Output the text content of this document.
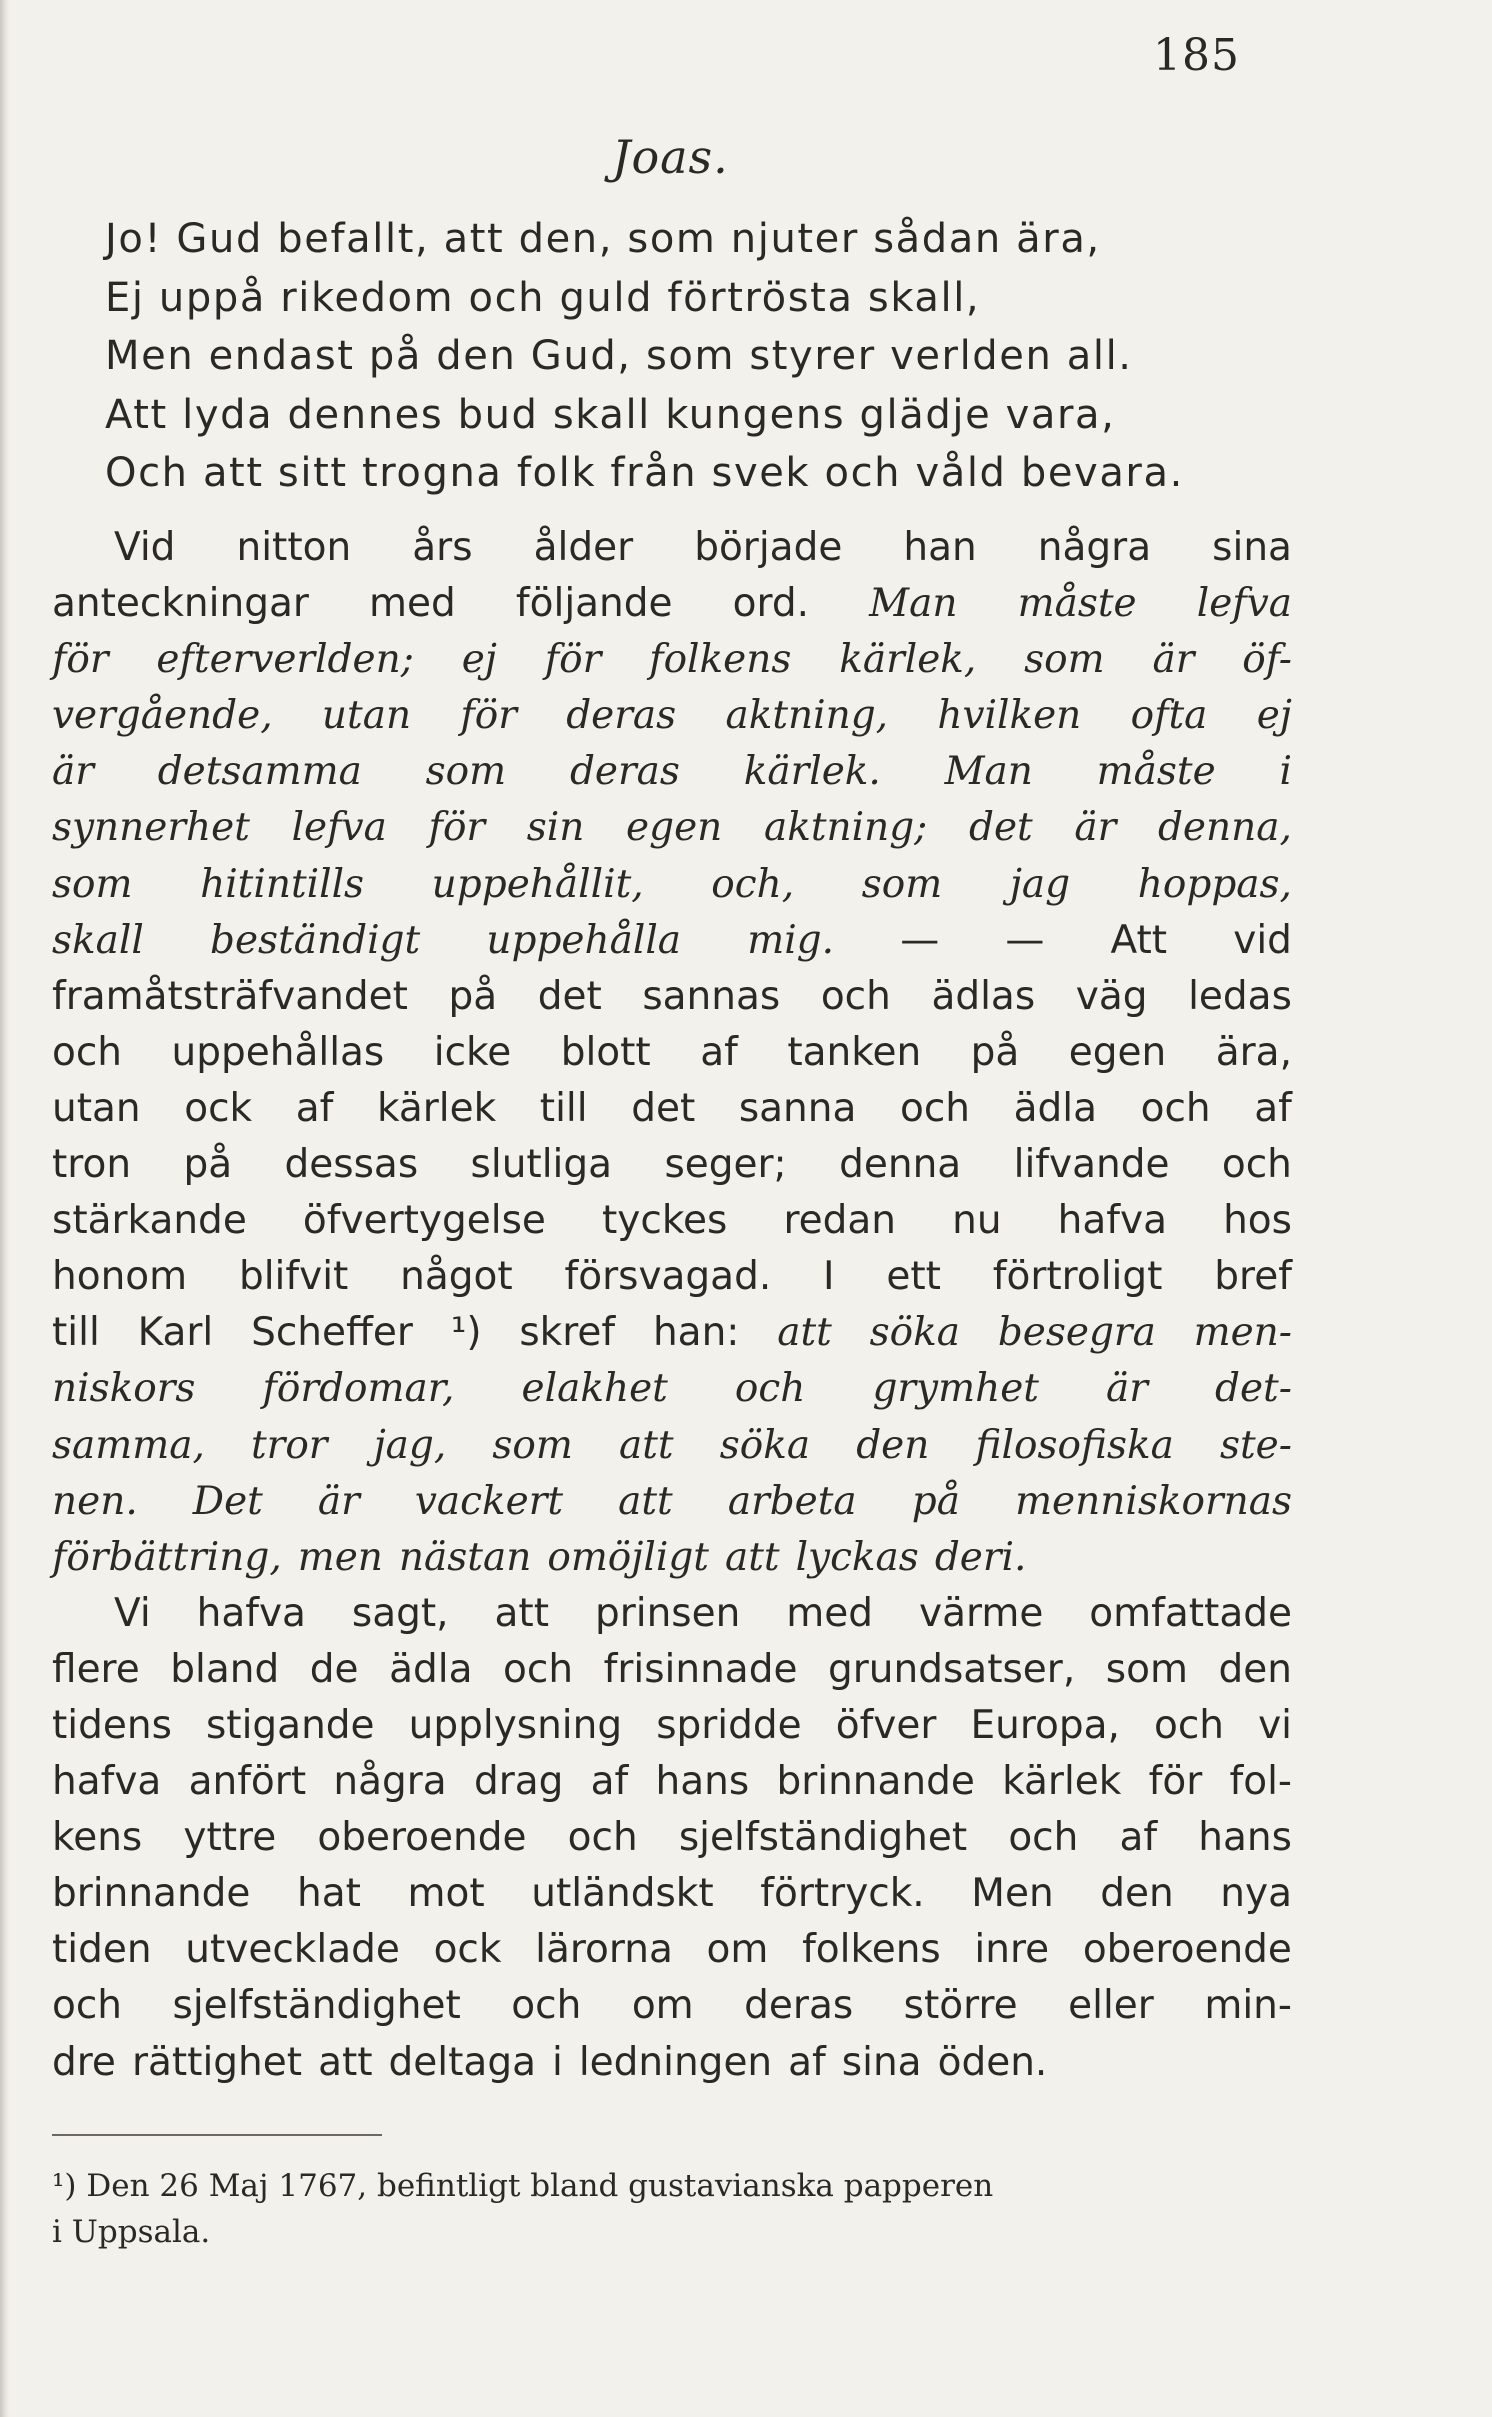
185
Joas.
Jo! Gud befallt, att den, som njuter sådan ära,
Ej uppå rikedom och guld förtrösta skall,
Men endast på den Gud, som styrer verlden all.
Att lyda dennes bud skall kungens glädje vara,
Och att sitt trogna folk från svek och våld bevara.
Vid nitton års ålder började han några sina
anteckningar med följande ord. Man måste lefva
för efterverlden; ej för folkens kärlek, som är öf-
vergående, utan för deras aktning, hvilken ofta ej
är detsamma som deras kärlek. Man måste i
synnerhet lefva för sin egen aktning; det är denna,
som hitintills uppehållit, och, som jag hoppas,
skall beständigt uppehålla mig. — — Att vid
framåtsträfvandet på det sannas och ädlas väg ledas
och uppehållas icke blott af tanken på egen ära,
utan ock af kärlek till det sanna och ädla och af
tron på dessas slutliga seger; denna lifvande och
stärkande öfvertygelse tyckes redan nu hafva hos
honom blifvit något försvagad. I ett förtroligt bref
till Karl Scheffer ¹) skref han: att söka besegra men-
niskors fördomar, elakhet och grymhet är det-
samma, tror jag, som att söka den filosofiska ste-
nen. Det är vackert att arbeta på menniskornas
förbättring, men nästan omöjligt att lyckas deri.
Vi hafva sagt, att prinsen med värme omfattade
flere bland de ädla och frisinnade grundsatser, som den
tidens stigande upplysning spridde öfver Europa, och vi
hafva anfört några drag af hans brinnande kärlek för fol-
kens yttre oberoende och sjelfständighet och af hans
brinnande hat mot utländskt förtryck. Men den nya
tiden utvecklade ock lärorna om folkens inre oberoende
och sjelfständighet och om deras större eller min-
dre rättighet att deltaga i ledningen af sina öden.
¹) Den 26 Maj 1767, befintligt bland gustavianska papperen
i Uppsala.
